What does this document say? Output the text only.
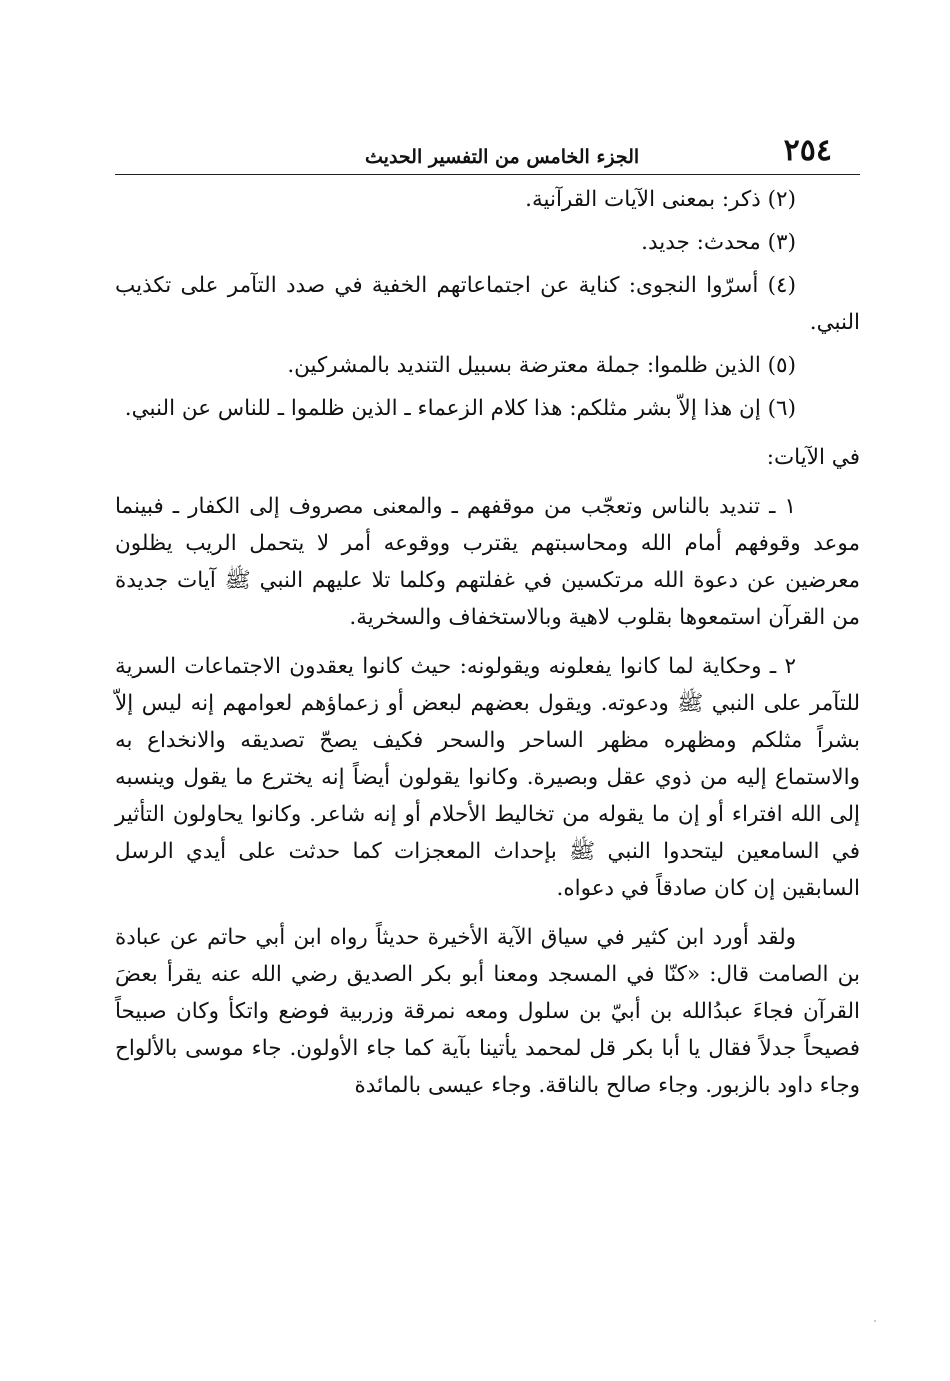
٢٥٤
الجزء الخامس من التفسير الحديث

(٢) ذكر: بمعنى الآيات القرآنية.

(٣) محدث: جديد.

(٤) أسرّوا النجوى: كناية عن اجتماعاتهم الخفية في صدد التآمر على تكذيب النبي.

(٥) الذين ظلموا: جملة معترضة بسبيل التنديد بالمشركين.

(٦) إن هذا إلاّ بشر مثلكم: هذا كلام الزعماء ـ الذين ظلموا ـ للناس عن النبي.

في الآيات:

١ ـ تنديد بالناس وتعجّب من موقفهم ـ والمعنى مصروف إلى الكفار ـ فبينما موعد وقوفهم أمام الله ومحاسبتهم يقترب ووقوعه أمر لا يتحمل الريب يظلون معرضين عن دعوة الله مرتكسين في غفلتهم وكلما تلا عليهم النبي ﷺ آيات جديدة من القرآن استمعوها بقلوب لاهية وبالاستخفاف والسخرية.

٢ ـ وحكاية لما كانوا يفعلونه ويقولونه: حيث كانوا يعقدون الاجتماعات السرية للتآمر على النبي ﷺ ودعوته. ويقول بعضهم لبعض أو زعماؤهم لعوامهم إنه ليس إلاّ بشراً مثلكم ومظهره مظهر الساحر والسحر فكيف يصحّ تصديقه والانخداع به والاستماع إليه من ذوي عقل وبصيرة. وكانوا يقولون أيضاً إنه يخترع ما يقول وينسبه إلى الله افتراء أو إن ما يقوله من تخاليط الأحلام أو إنه شاعر. وكانوا يحاولون التأثير في السامعين ليتحدوا النبي ﷺ بإحداث المعجزات كما حدثت على أيدي الرسل السابقين إن كان صادقاً في دعواه.

ولقد أورد ابن كثير في سياق الآية الأخيرة حديثاً رواه ابن أبي حاتم عن عبادة بن الصامت قال: «كنّا في المسجد ومعنا أبو بكر الصديق رضي الله عنه يقرأ بعضَ القرآن فجاءَ عبدُالله بن أبيّ بن سلول ومعه نمرقة وزربية فوضع واتكأ وكان صبيحاً فصيحاً جدلاً فقال يا أبا بكر قل لمحمد يأتينا بآية كما جاء الأولون. جاء موسى بالألواح وجاء داود بالزبور. وجاء صالح بالناقة. وجاء عيسى بالمائدة
